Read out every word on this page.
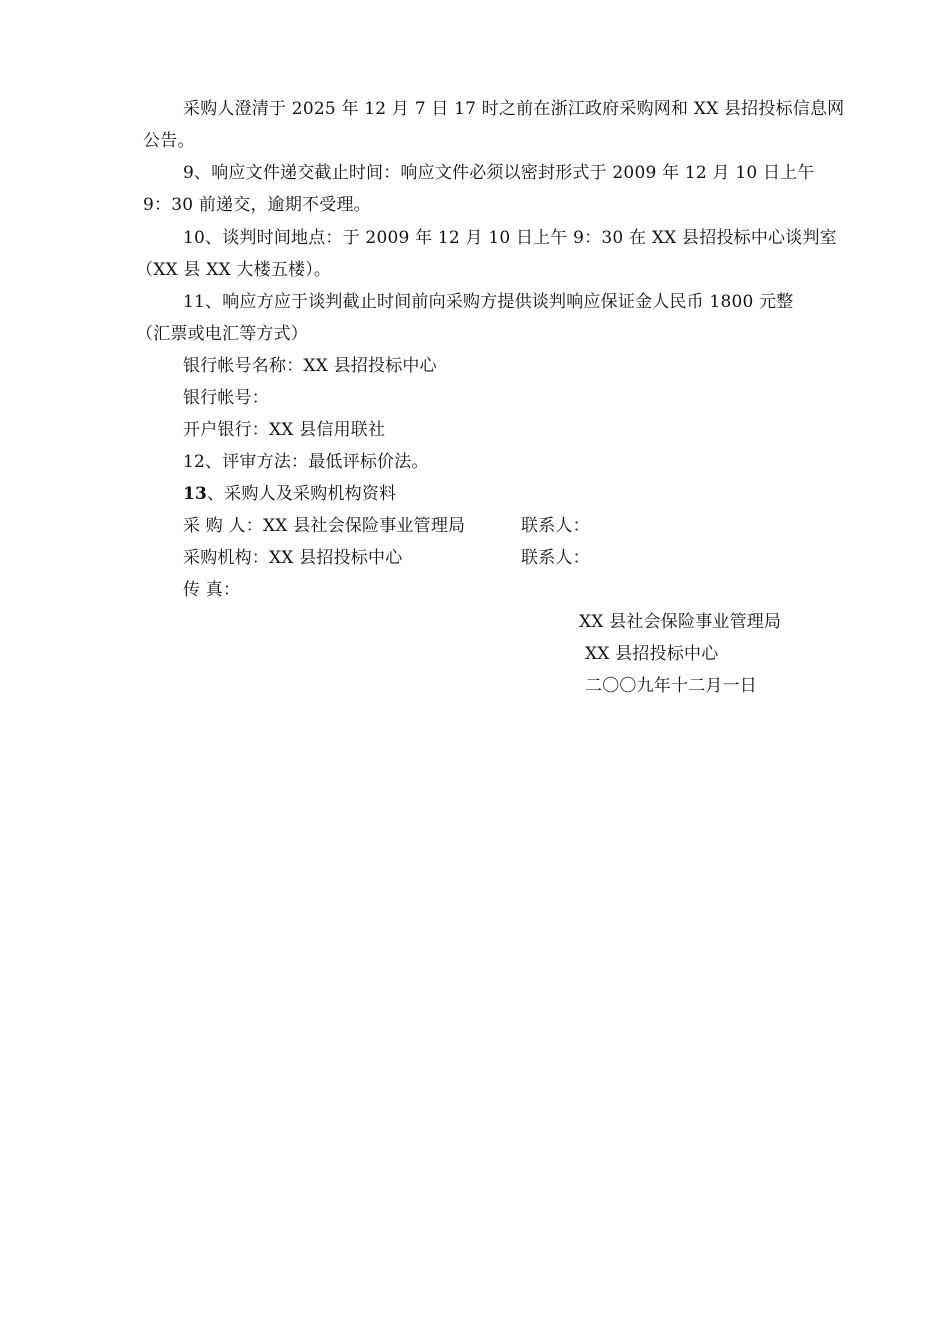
采购人澄清于 2025 年 12 月 7 日 17 时之前在浙江政府采购网和 XX 县招投标信息网
公告。
9、响应文件递交截止时间：响应文件必须以密封形式于 2009 年 12 月 10 日上午
9：30 前递交，逾期不受理。
10、谈判时间地点：于 2009 年 12 月 10 日上午 9：30 在 XX 县招投标中心谈判室
（XX 县 XX 大楼五楼）。
11、响应方应于谈判截止时间前向采购方提供谈判响应保证金人民币 1800 元整
（汇票或电汇等方式）
银行帐号名称：XX 县招投标中心
银行帐号：
开户银行：XX 县信用联社
12、评审方法：最低评标价法。
13、采购人及采购机构资料
采 购 人：XX 县社会保险事业管理局	联系人：
采购机构：XX 县招投标中心	联系人：
传 真：
XX 县社会保险事业管理局
XX 县招投标中心
二〇〇九年十二月一日
